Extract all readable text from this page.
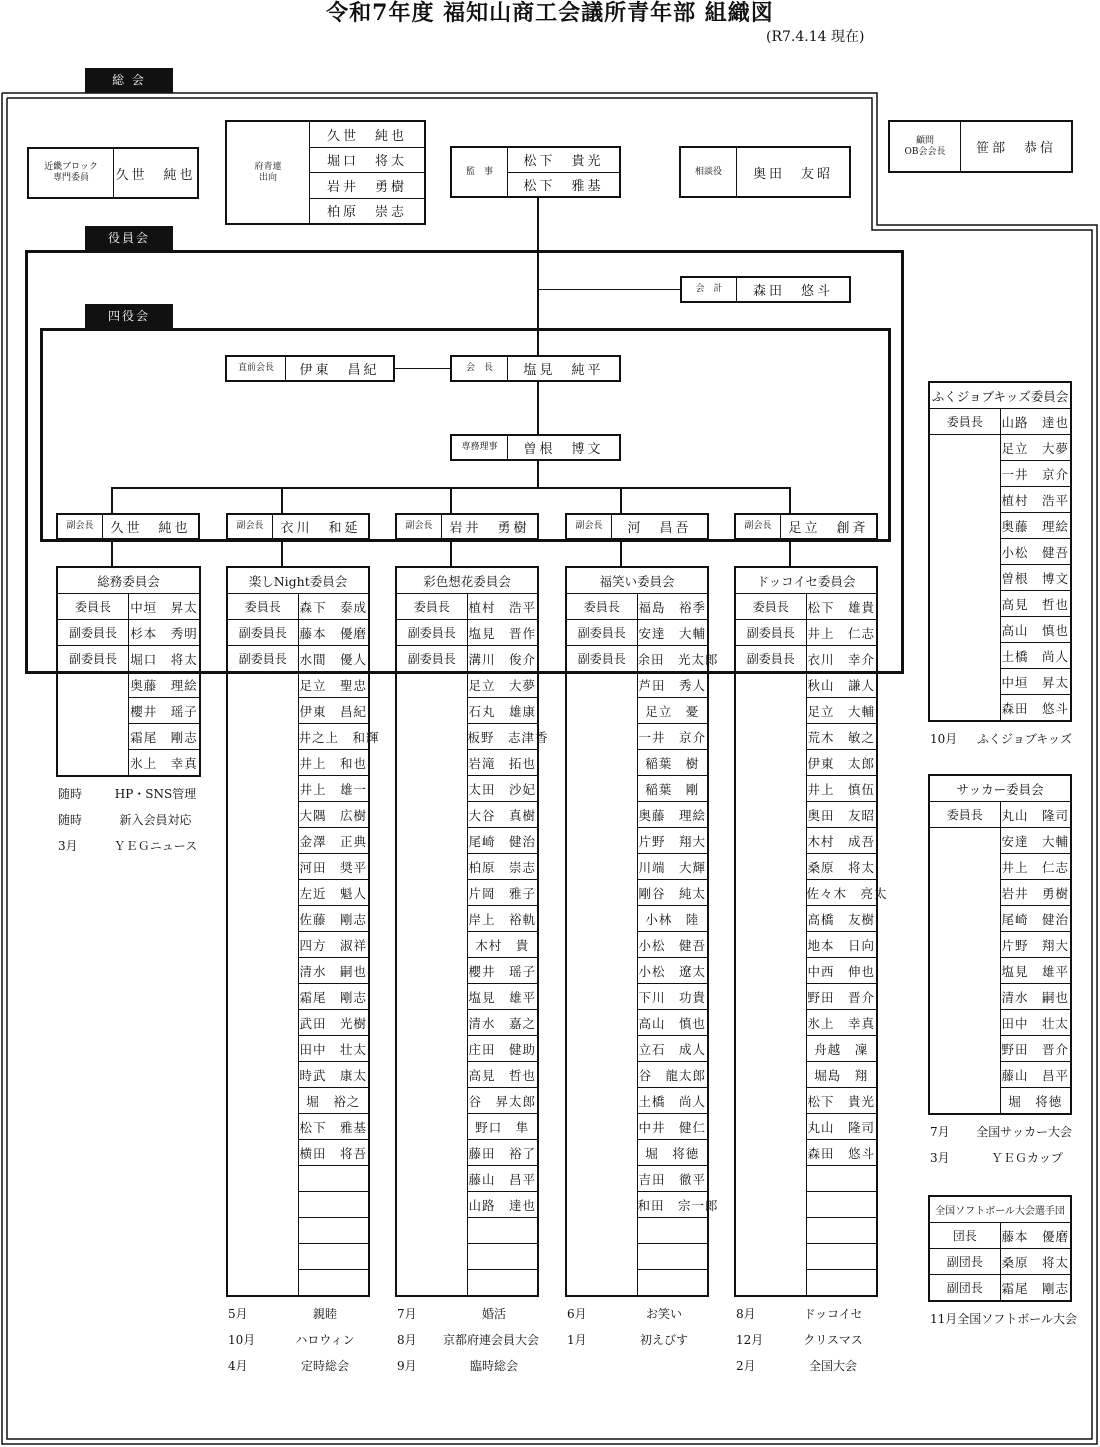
令和7年度 福知山商工会議所青年部 組織図
(R7.4.14 現在)
総 会
近畿ブロック
専門委員	久世　純也
府青連
出向
久世　純也
堀口　将太
岩井　勇樹
柏原　崇志
監　事
松下　貴光
松下　雅基
相談役	奥田　友昭
顧問
OB会会長	笹部　恭信
役員会
四役会
会　計	森田　悠斗
直前会長	伊東　昌紀	会　長	塩見　純平
専務理事	曽根　博文
副会長	久世　純也	副会長	衣川　和延	副会長	岩井　勇樹	副会長	河　昌吾	副会長	足立　創斉
総務委員会	
委員長	中垣　昇太
副委員長	杉本　秀明
副委員長	堀口　将太
	奥藤　理絵
	櫻井　瑶子
	霜尾　剛志
	氷上　幸真
随時	HP・SNS管理
随時	新入会員対応
3月	ＹＥＧニュース
楽しNight委員会	
委員長	森下　泰成
副委員長	藤本　優磨
副委員長	水間　優人
	足立　聖忠
	伊東　昌紀
	井之上　和輝
	井上　和也
	井上　雄一
	大隅　広樹
	金澤　正典
	河田　奨平
	左近　魁人
	佐藤　剛志
	四方　淑祥
	清水　嗣也
	霜尾　剛志
	武田　光樹
	田中　壮太
	時武　康太
	堀　裕之
	松下　雅基
	横田　将吾

5月	親睦
10月	ハロウィン
4月	定時総会
彩色想花委員会	
委員長	植村　浩平
副委員長	塩見　晋作
副委員長	溝川　俊介
	足立　大夢
	石丸　雄康
	板野　志津香
	岩滝　拓也
	太田　沙妃
	大谷　真樹
	尾崎　健治
	柏原　崇志
	片岡　雅子
	岸上　裕軌
	木村　貴
	櫻井　瑶子
	塩見　雄平
	清水　嘉之
	庄田　健助
	高見　哲也
	谷　昇太郎
	野口　隼
	藤田　裕了
	藤山　昌平
	山路　達也

7月	婚活
8月	京都府連会員大会
9月	臨時総会
福笑い委員会	
委員長	福島　裕季
副委員長	安達　大輔
副委員長	余田　光太郎
	芦田　秀人
	足立　憂
	一井　京介
	稲葉　樹
	稲葉　剛
	奥藤　理絵
	片野　翔大
	川端　大輝
	剛谷　純太
	小林　陸
	小松　健吾
	小松　遼太
	下川　功貴
	高山　慎也
	立石　成人
	谷　龍太郎
	土橋　尚人
	中井　健仁
	堀　将徳
	吉田　徹平
	和田　宗一郎

6月	お笑い
1月	初えびす
ドッコイセ委員会	
委員長	松下　雄貴
副委員長	井上　仁志
副委員長	衣川　幸介
	秋山　謙人
	足立　大輔
	荒木　敏之
	伊東　太郎
	井上　慎伍
	奥田　友昭
	木村　成吾
	桑原　将太
	佐々木　亮太
	高橋　友樹
	地本　日向
	中西　伸也
	野田　晋介
	氷上　幸真
	舟越　凜
	堀島　翔
	松下　貴光
	丸山　隆司
	森田　悠斗

8月	ドッコイセ
12月	クリスマス
2月	全国大会
ふくジョブキッズ委員会	
委員長	山路　達也
	足立　大夢
	一井　京介
	植村　浩平
	奥藤　理絵
	小松　健吾
	曽根　博文
	高見　哲也
	高山　慎也
	土橋　尚人
	中垣　昇太
	森田　悠斗
10月	ふくジョブキッズ
サッカー委員会	
委員長	丸山　隆司
	安達　大輔
	井上　仁志
	岩井　勇樹
	尾崎　健治
	片野　翔大
	塩見　雄平
	清水　嗣也
	田中　壮太
	野田　晋介
	藤山　昌平
	堀　将徳
7月	全国サッカー大会
3月	ＹＥＧカップ
全国ソフトボール大会選手団	
団長	藤本　優磨
副団長	桑原　将太
副団長	霜尾　剛志
11月 全国ソフトボール大会
